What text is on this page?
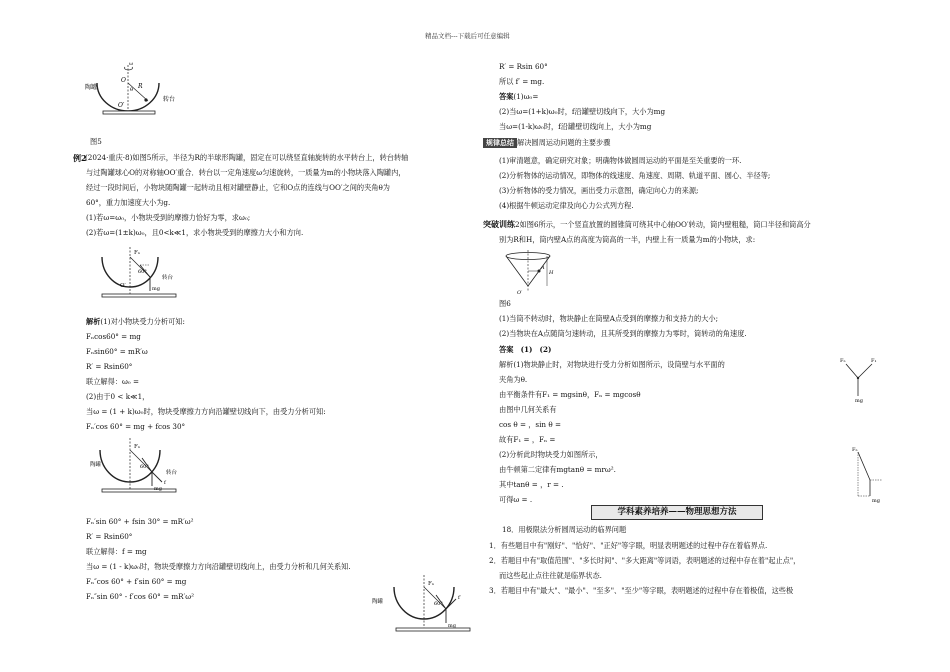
精品文档---下载后可任意编辑
陶罐
转台
O
R
θ
O′
ω
图5
例2
(2024·重庆·8)如图5所示，半径为R的半球形陶罐，固定在可以绕竖直轴旋转的水平转台上，转台转轴
与过陶罐球心O的对称轴OO′重合．转台以一定角速度ω匀速旋转，一质量为m的小物块落入陶罐内，
经过一段时间后，小物块随陶罐一起转动且相对罐壁静止，它和O点的连线与OO′之间的夹角θ为
60°，重力加速度大小为g.
(1)若ω=ω₀，小物块受到的摩擦力恰好为零，求ω₀;
(2)若ω=(1±k)ω₀，且0<k≪1，求小物块受到的摩擦力大小和方向.
Fₙ
60°
转台
mg
O′
解析(1)对小物块受力分析可知:
Fₙcos60° = mg
Fₙsin60° = mR′ω
R′ = Rsin60°
联立解得：ω₀ =
(2)由于0 < k≪1，
当ω = (1 + k)ω₀时，物块受摩擦力方向沿罐壁切线向下，由受力分析可知:
Fₙ′cos 60° = mg + fcos 30°
陶罐
Fₙ
60°
转台
mg
f
Fₙ′sin 60° + fsin 30° = mR′ω²
R′ = Rsin60°
联立解得：f = mg
当ω = (1 - k)ω₀时，物块受摩擦力方向沿罐壁切线向上，由受力分析和几何关系知.
Fₙ″cos 60° + f′sin 60° = mg
Fₙ″sin 60° - f′cos 60° = mR′ω²
陶罐
Fₙ
60°
f′
mg
R′ = Rsin 60°
所以 f′ = mg.
答案(1)ω₀=
(2)当ω=(1+k)ω₀时，f沿罐壁切线向下，大小为mg
当ω=(1-k)ω₀时，f沿罐壁切线向上，大小为mg
规律总结 解决圆周运动问题的主要步骤
(1)审清题意，确定研究对象；明确物体做圆周运动的平面是至关重要的一环.
(2)分析物体的运动情况，即物体的线速度、角速度、周期、轨道平面、圆心、半径等;
(3)分析物体的受力情况，画出受力示意图，确定向心力的来源;
(4)根据牛顿运动定律及向心力公式列方程.
突破训练2如图6所示，一个竖直放置的圆锥筒可绕其中心轴OO′转动，筒内壁粗糙，筒口半径和筒高分
别为R和H，筒内壁A点的高度为筒高的一半，内壁上有一质量为m的小物块，求:
A
H
O′
图6
(1)当筒不转动时，物块静止在筒壁A点受到的摩擦力和支持力的大小;
(2)当物块在A点随筒匀速转动，且其所受到的摩擦力为零时，筒转动的角速度.
答案　(1)　(2)
解析(1)物块静止时，对物块进行受力分析如图所示，设筒壁与水平面的
夹角为θ.
由平衡条件有F₁ = mgsinθ，Fₙ = mgcosθ
由图中几何关系有
cos θ = ，sin θ =
故有F₁ = ，Fₙ =
(2)分析此时物块受力如图所示，
由牛顿第二定律有mgtanθ = mrω².
其中tanθ = ，r = .
可得ω = .
Fₙ	F₁
mg
Fₙ
mg
学科素养培养——物理思想方法
18．用极限法分析圆周运动的临界问题
1．有些题目中有"刚好"、"恰好"、"正好"等字眼，明显表明题述的过程中存在着临界点.
2．若题目中有"取值范围"、"多长时间"、"多大距离"等词语，表明题述的过程中存在着"起止点"，
而这些起止点往往就是临界状态.
3．若题目中有"最大"、"最小"、"至多"、"至少"等字眼，表明题述的过程中存在着极值，这些极
